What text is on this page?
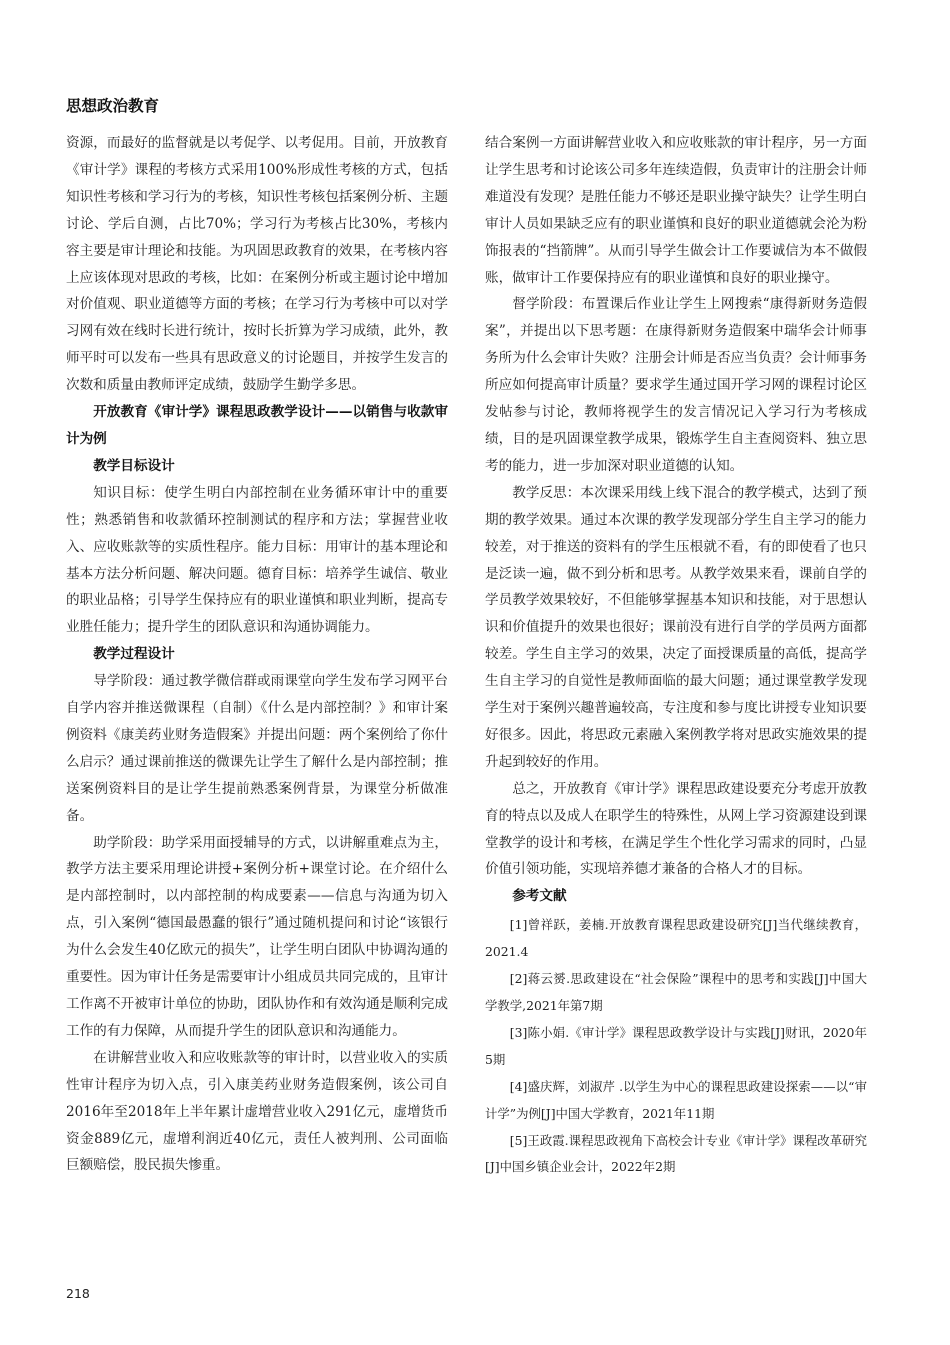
思想政治教育

资源，而最好的监督就是以考促学、以考促用。目前，开放教育《审计学》课程的考核方式采用100%形成性考核的方式，包括知识性考核和学习行为的考核，知识性考核包括案例分析、主题讨论、学后自测，占比70%；学习行为考核占比30%，考核内容主要是审计理论和技能。为巩固思政教育的效果，在考核内容上应该体现对思政的考核，比如：在案例分析或主题讨论中增加对价值观、职业道德等方面的考核；在学习行为考核中可以对学习网有效在线时长进行统计，按时长折算为学习成绩，此外，教师平时可以发布一些具有思政意义的讨论题目，并按学生发言的次数和质量由教师评定成绩，鼓励学生勤学多思。

开放教育《审计学》课程思政教学设计——以销售与收款审计为例

教学目标设计

知识目标：使学生明白内部控制在业务循环审计中的重要性；熟悉销售和收款循环控制测试的程序和方法；掌握营业收入、应收账款等的实质性程序。能力目标：用审计的基本理论和基本方法分析问题、解决问题。德育目标：培养学生诚信、敬业的职业品格；引导学生保持应有的职业谨慎和职业判断，提高专业胜任能力；提升学生的团队意识和沟通协调能力。

教学过程设计

导学阶段：通过教学微信群或雨课堂向学生发布学习网平台自学内容并推送微课程（自制）《什么是内部控制？》和审计案例资料《康美药业财务造假案》并提出问题：两个案例给了你什么启示？通过课前推送的微课先让学生了解什么是内部控制；推送案例资料目的是让学生提前熟悉案例背景，为课堂分析做准备。

助学阶段：助学采用面授辅导的方式，以讲解重难点为主，教学方法主要采用理论讲授+案例分析+课堂讨论。在介绍什么是内部控制时，以内部控制的构成要素——信息与沟通为切入点，引入案例“德国最愚蠢的银行”通过随机提问和讨论“该银行为什么会发生40亿欧元的损失”，让学生明白团队中协调沟通的重要性。因为审计任务是需要审计小组成员共同完成的，且审计工作离不开被审计单位的协助，团队协作和有效沟通是顺利完成工作的有力保障，从而提升学生的团队意识和沟通能力。

在讲解营业收入和应收账款等的审计时，以营业收入的实质性审计程序为切入点，引入康美药业财务造假案例，该公司自2016年至2018年上半年累计虚增营业收入291亿元，虚增货币资金889亿元，虚增利润近40亿元，责任人被判刑、公司面临巨额赔偿，股民损失惨重。

结合案例一方面讲解营业收入和应收账款的审计程序，另一方面让学生思考和讨论该公司多年连续造假，负责审计的注册会计师难道没有发现？是胜任能力不够还是职业操守缺失？让学生明白审计人员如果缺乏应有的职业谨慎和良好的职业道德就会沦为粉饰报表的“挡箭牌”。从而引导学生做会计工作要诚信为本不做假账，做审计工作要保持应有的职业谨慎和良好的职业操守。

督学阶段：布置课后作业让学生上网搜索“康得新财务造假案”，并提出以下思考题：在康得新财务造假案中瑞华会计师事务所为什么会审计失败？注册会计师是否应当负责？会计师事务所应如何提高审计质量？要求学生通过国开学习网的课程讨论区发帖参与讨论，教师将视学生的发言情况记入学习行为考核成绩，目的是巩固课堂教学成果，锻炼学生自主查阅资料、独立思考的能力，进一步加深对职业道德的认知。

教学反思：本次课采用线上线下混合的教学模式，达到了预期的教学效果。通过本次课的教学发现部分学生自主学习的能力较差，对于推送的资料有的学生压根就不看，有的即使看了也只是泛读一遍，做不到分析和思考。从教学效果来看，课前自学的学员教学效果较好，不但能够掌握基本知识和技能，对于思想认识和价值提升的效果也很好；课前没有进行自学的学员两方面都较差。学生自主学习的效果，决定了面授课质量的高低，提高学生自主学习的自觉性是教师面临的最大问题；通过课堂教学发现学生对于案例兴趣普遍较高，专注度和参与度比讲授专业知识要好很多。因此，将思政元素融入案例教学将对思政实施效果的提升起到较好的作用。

总之，开放教育《审计学》课程思政建设要充分考虑开放教育的特点以及成人在职学生的特殊性，从网上学习资源建设到课堂教学的设计和考核，在满足学生个性化学习需求的同时，凸显价值引领功能，实现培养德才兼备的合格人才的目标。

参考文献

[1]曾祥跃，姜楠.开放教育课程思政建设研究[J]当代继续教育，2021.4

[2]蒋云赟.思政建设在“社会保险”课程中的思考和实践[J]中国大学教学,2021年第7期

[3]陈小娟.《审计学》课程思政教学设计与实践[J]财讯，2020年5期

[4]盛庆辉，刘淑芹 .以学生为中心的课程思政建设探索——以“审计学”为例[J]中国大学教育，2021年11期

[5]王政霞.课程思政视角下高校会计专业《审计学》课程改革研究[J]中国乡镇企业会计，2022年2期

218
